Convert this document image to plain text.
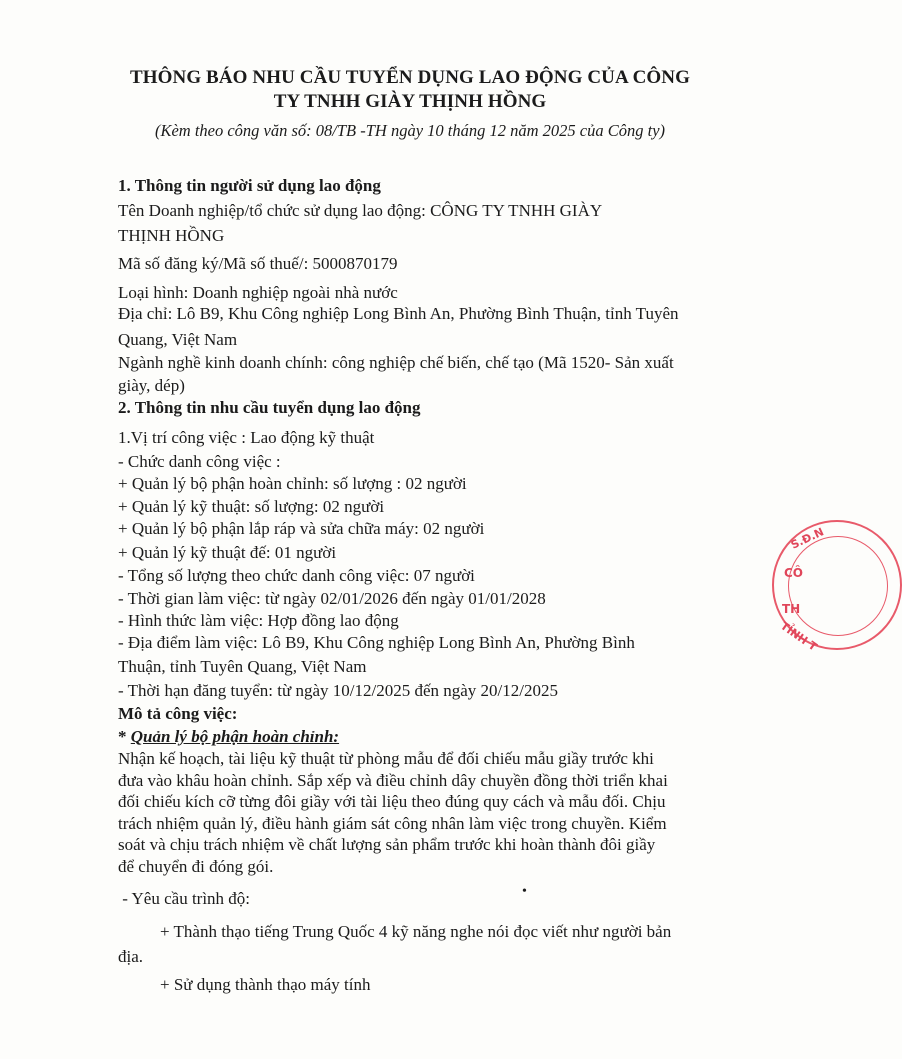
THÔNG BÁO NHU CẦU TUYỂN DỤNG LAO ĐỘNG CỦA CÔNG
TY TNHH GIÀY THỊNH HỒNG
(Kèm theo công văn số: 08/TB -TH ngày 10 tháng 12 năm 2025 của Công ty)
1. Thông tin người sử dụng lao động
Tên Doanh nghiệp/tổ chức sử dụng lao động: CÔNG TY TNHH GIÀY
THỊNH HỒNG
Mã số đăng ký/Mã số thuế/: 5000870179
Loại hình: Doanh nghiệp ngoài nhà nước
Địa chỉ: Lô B9, Khu Công nghiệp Long Bình An, Phường Bình Thuận, tỉnh Tuyên
Quang, Việt Nam
Ngành nghề kinh doanh chính: công nghiệp chế biến, chế tạo (Mã 1520- Sản xuất
giày, dép)
2. Thông tin nhu cầu tuyển dụng lao động
1.Vị trí công việc : Lao động kỹ thuật
- Chức danh công việc :
+ Quản lý bộ phận hoàn chỉnh: số lượng : 02 người
+ Quản lý kỹ thuật: số lượng: 02 người
+ Quản lý bộ phận lắp ráp và sửa chữa máy: 02 người
+ Quản lý kỹ thuật đế: 01 người
- Tổng số lượng theo chức danh công việc: 07 người
- Thời gian làm việc: từ ngày 02/01/2026 đến ngày 01/01/2028
- Hình thức làm việc: Hợp đồng lao động
- Địa điểm làm việc: Lô B9, Khu Công nghiệp Long Bình An, Phường Bình
Thuận, tỉnh Tuyên Quang, Việt Nam
- Thời hạn đăng tuyển: từ ngày 10/12/2025 đến ngày 20/12/2025
Mô tả công việc:
* Quản lý bộ phận hoàn chỉnh:
Nhận kế hoạch, tài liệu kỹ thuật từ phòng mẫu để đối chiếu mẫu giầy trước khi
đưa vào khâu hoàn chỉnh. Sắp xếp và điều chỉnh dây chuyền đồng thời triển khai
đối chiếu kích cỡ từng đôi giầy với tài liệu theo đúng quy cách và mẫu đối. Chịu
trách nhiệm quản lý, điều hành giám sát công nhân làm việc trong chuyền. Kiểm
soát và chịu trách nhiệm về chất lượng sản phẩm trước khi hoàn thành đôi giầy
để chuyển đi đóng gói.
- Yêu cầu trình độ:
+ Thành thạo tiếng Trung Quốc 4 kỹ năng nghe nói đọc viết như người bản
địa.
+ Sử dụng thành thạo máy tính
•
S.Đ.N
CÔ
TH
TỈNH T
